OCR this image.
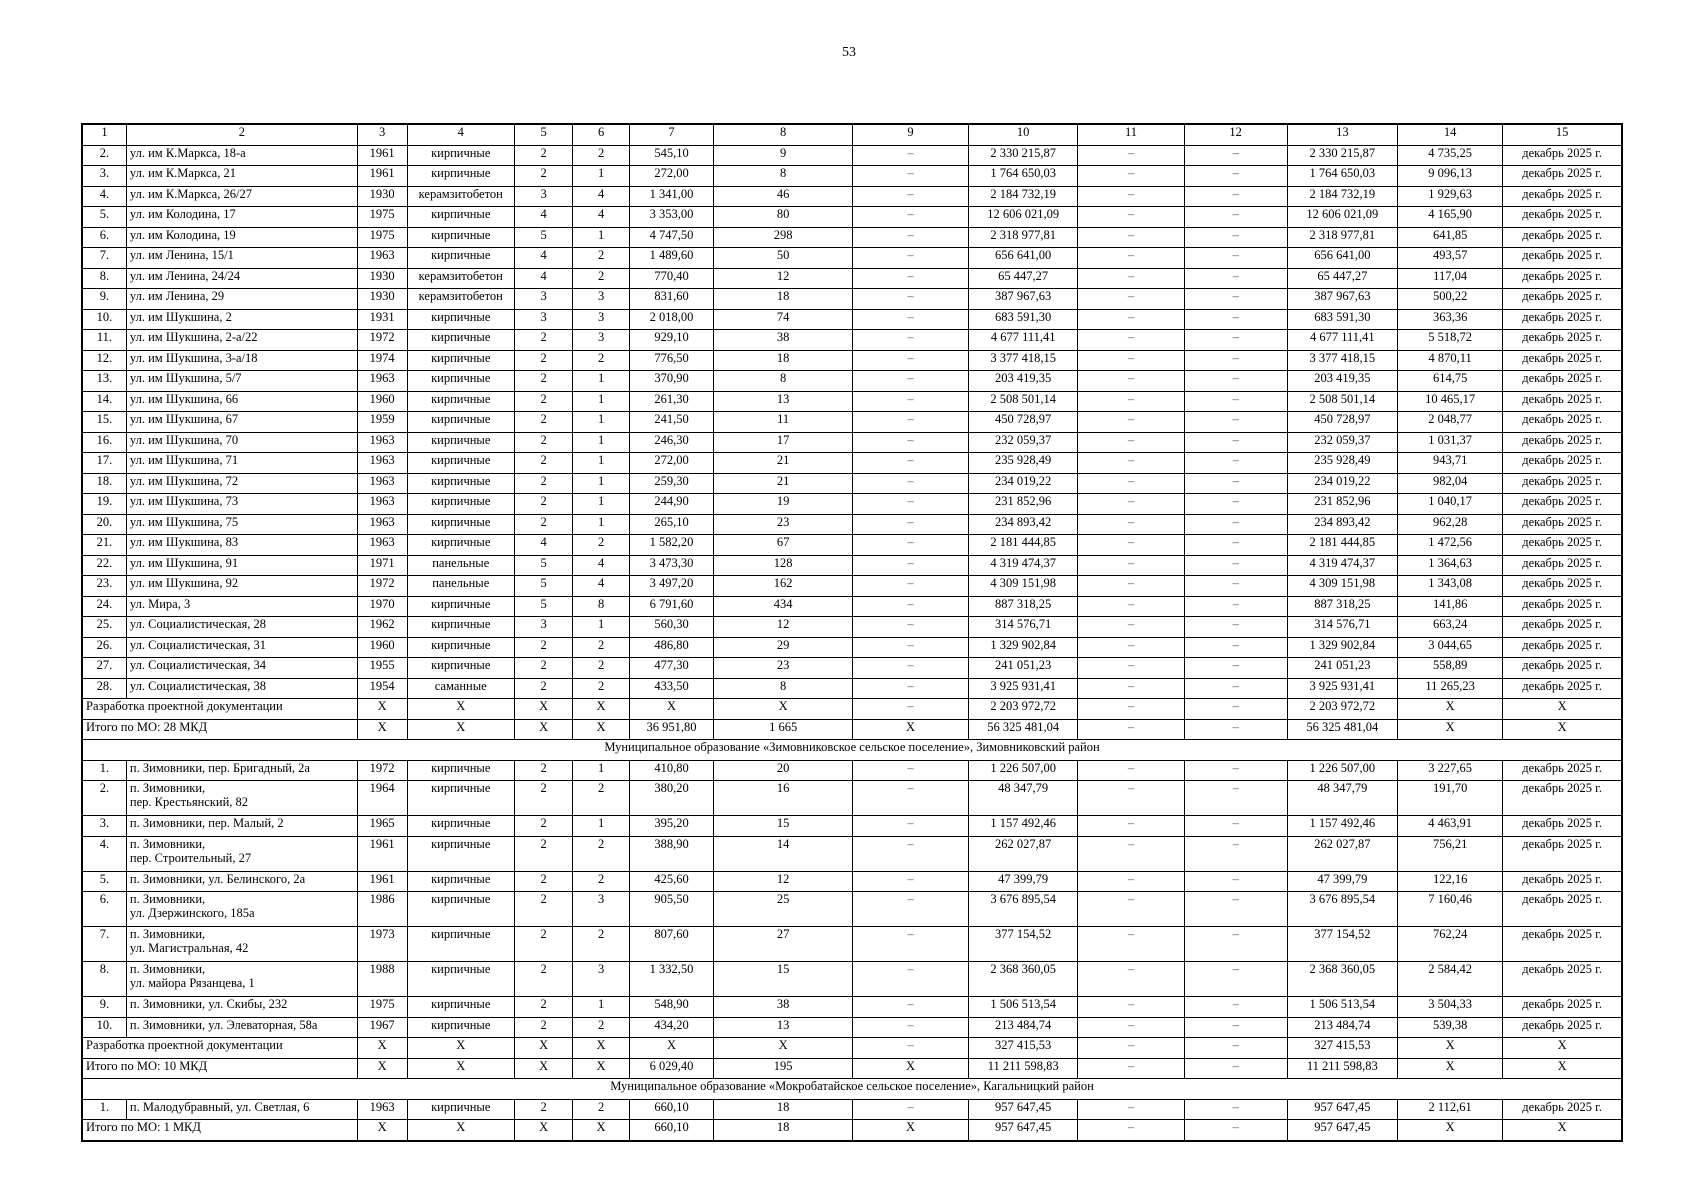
53
1	2	3	4	5	6	7	8	9	10	11	12	13	14	15
2.	ул. им К.Маркса, 18-а	1961	кирпичные	2	2	545,10	9	–	2 330 215,87	–	–	2 330 215,87	4 735,25	декабрь 2025 г.
3.	ул. им К.Маркса, 21	1961	кирпичные	2	1	272,00	8	–	1 764 650,03	–	–	1 764 650,03	9 096,13	декабрь 2025 г.
4.	ул. им К.Маркса, 26/27	1930	керамзитобетон	3	4	1 341,00	46	–	2 184 732,19	–	–	2 184 732,19	1 929,63	декабрь 2025 г.
5.	ул. им Колодина, 17	1975	кирпичные	4	4	3 353,00	80	–	12 606 021,09	–	–	12 606 021,09	4 165,90	декабрь 2025 г.
6.	ул. им Колодина, 19	1975	кирпичные	5	1	4 747,50	298	–	2 318 977,81	–	–	2 318 977,81	641,85	декабрь 2025 г.
7.	ул. им Ленина, 15/1	1963	кирпичные	4	2	1 489,60	50	–	656 641,00	–	–	656 641,00	493,57	декабрь 2025 г.
8.	ул. им Ленина, 24/24	1930	керамзитобетон	4	2	770,40	12	–	65 447,27	–	–	65 447,27	117,04	декабрь 2025 г.
9.	ул. им Ленина, 29	1930	керамзитобетон	3	3	831,60	18	–	387 967,63	–	–	387 967,63	500,22	декабрь 2025 г.
10.	ул. им Шукшина, 2	1931	кирпичные	3	3	2 018,00	74	–	683 591,30	–	–	683 591,30	363,36	декабрь 2025 г.
11.	ул. им Шукшина, 2-а/22	1972	кирпичные	2	3	929,10	38	–	4 677 111,41	–	–	4 677 111,41	5 518,72	декабрь 2025 г.
12.	ул. им Шукшина, 3-а/18	1974	кирпичные	2	2	776,50	18	–	3 377 418,15	–	–	3 377 418,15	4 870,11	декабрь 2025 г.
13.	ул. им Шукшина, 5/7	1963	кирпичные	2	1	370,90	8	–	203 419,35	–	–	203 419,35	614,75	декабрь 2025 г.
14.	ул. им Шукшина, 66	1960	кирпичные	2	1	261,30	13	–	2 508 501,14	–	–	2 508 501,14	10 465,17	декабрь 2025 г.
15.	ул. им Шукшина, 67	1959	кирпичные	2	1	241,50	11	–	450 728,97	–	–	450 728,97	2 048,77	декабрь 2025 г.
16.	ул. им Шукшина, 70	1963	кирпичные	2	1	246,30	17	–	232 059,37	–	–	232 059,37	1 031,37	декабрь 2025 г.
17.	ул. им Шукшина, 71	1963	кирпичные	2	1	272,00	21	–	235 928,49	–	–	235 928,49	943,71	декабрь 2025 г.
18.	ул. им Шукшина, 72	1963	кирпичные	2	1	259,30	21	–	234 019,22	–	–	234 019,22	982,04	декабрь 2025 г.
19.	ул. им Шукшина, 73	1963	кирпичные	2	1	244,90	19	–	231 852,96	–	–	231 852,96	1 040,17	декабрь 2025 г.
20.	ул. им Шукшина, 75	1963	кирпичные	2	1	265,10	23	–	234 893,42	–	–	234 893,42	962,28	декабрь 2025 г.
21.	ул. им Шукшина, 83	1963	кирпичные	4	2	1 582,20	67	–	2 181 444,85	–	–	2 181 444,85	1 472,56	декабрь 2025 г.
22.	ул. им Шукшина, 91	1971	панельные	5	4	3 473,30	128	–	4 319 474,37	–	–	4 319 474,37	1 364,63	декабрь 2025 г.
23.	ул. им Шукшина, 92	1972	панельные	5	4	3 497,20	162	–	4 309 151,98	–	–	4 309 151,98	1 343,08	декабрь 2025 г.
24.	ул. Мира, 3	1970	кирпичные	5	8	6 791,60	434	–	887 318,25	–	–	887 318,25	141,86	декабрь 2025 г.
25.	ул. Социалистическая, 28	1962	кирпичные	3	1	560,30	12	–	314 576,71	–	–	314 576,71	663,24	декабрь 2025 г.
26.	ул. Социалистическая, 31	1960	кирпичные	2	2	486,80	29	–	1 329 902,84	–	–	1 329 902,84	3 044,65	декабрь 2025 г.
27.	ул. Социалистическая, 34	1955	кирпичные	2	2	477,30	23	–	241 051,23	–	–	241 051,23	558,89	декабрь 2025 г.
28.	ул. Социалистическая, 38	1954	саманные	2	2	433,50	8	–	3 925 931,41	–	–	3 925 931,41	11 265,23	декабрь 2025 г.
Разработка проектной документации		X	X	X	X	X	X	–	2 203 972,72	–	–	2 203 972,72	X	X
Итого по МО: 28 МКД		X	X	X	X	36 951,80	1 665	X	56 325 481,04	–	–	56 325 481,04	X	X
Муниципальное образование «Зимовниковское сельское поселение», Зимовниковский район														
1.	п. Зимовники, пер. Бригадный, 2а	1972	кирпичные	2	1	410,80	20	–	1 226 507,00	–	–	1 226 507,00	3 227,65	декабрь 2025 г.
2.	п. Зимовники,
пер. Крестьянский, 82	1964	кирпичные	2	2	380,20	16	–	48 347,79	–	–	48 347,79	191,70	декабрь 2025 г.
3.	п. Зимовники, пер. Малый, 2	1965	кирпичные	2	1	395,20	15	–	1 157 492,46	–	–	1 157 492,46	4 463,91	декабрь 2025 г.
4.	п. Зимовники,
пер. Строительный, 27	1961	кирпичные	2	2	388,90	14	–	262 027,87	–	–	262 027,87	756,21	декабрь 2025 г.
5.	п. Зимовники, ул. Белинского, 2а	1961	кирпичные	2	2	425,60	12	–	47 399,79	–	–	47 399,79	122,16	декабрь 2025 г.
6.	п. Зимовники,
ул. Дзержинского, 185а	1986	кирпичные	2	3	905,50	25	–	3 676 895,54	–	–	3 676 895,54	7 160,46	декабрь 2025 г.
7.	п. Зимовники,
ул. Магистральная, 42	1973	кирпичные	2	2	807,60	27	–	377 154,52	–	–	377 154,52	762,24	декабрь 2025 г.
8.	п. Зимовники,
ул. майора Рязанцева, 1	1988	кирпичные	2	3	1 332,50	15	–	2 368 360,05	–	–	2 368 360,05	2 584,42	декабрь 2025 г.
9.	п. Зимовники, ул. Скибы, 232	1975	кирпичные	2	1	548,90	38	–	1 506 513,54	–	–	1 506 513,54	3 504,33	декабрь 2025 г.
10.	п. Зимовники, ул. Элеваторная, 58а	1967	кирпичные	2	2	434,20	13	–	213 484,74	–	–	213 484,74	539,38	декабрь 2025 г.
Разработка проектной документации		X	X	X	X	X	X	–	327 415,53	–	–	327 415,53	X	X
Итого по МО: 10 МКД		X	X	X	X	6 029,40	195	X	11 211 598,83	–	–	11 211 598,83	X	X
Муниципальное образование «Мокробатайское сельское поселение», Кагальницкий район														
1.	п. Малодубравный, ул. Светлая, 6	1963	кирпичные	2	2	660,10	18	–	957 647,45	–	–	957 647,45	2 112,61	декабрь 2025 г.
Итого по МО: 1 МКД		X	X	X	X	660,10	18	X	957 647,45	–	–	957 647,45	X	X
